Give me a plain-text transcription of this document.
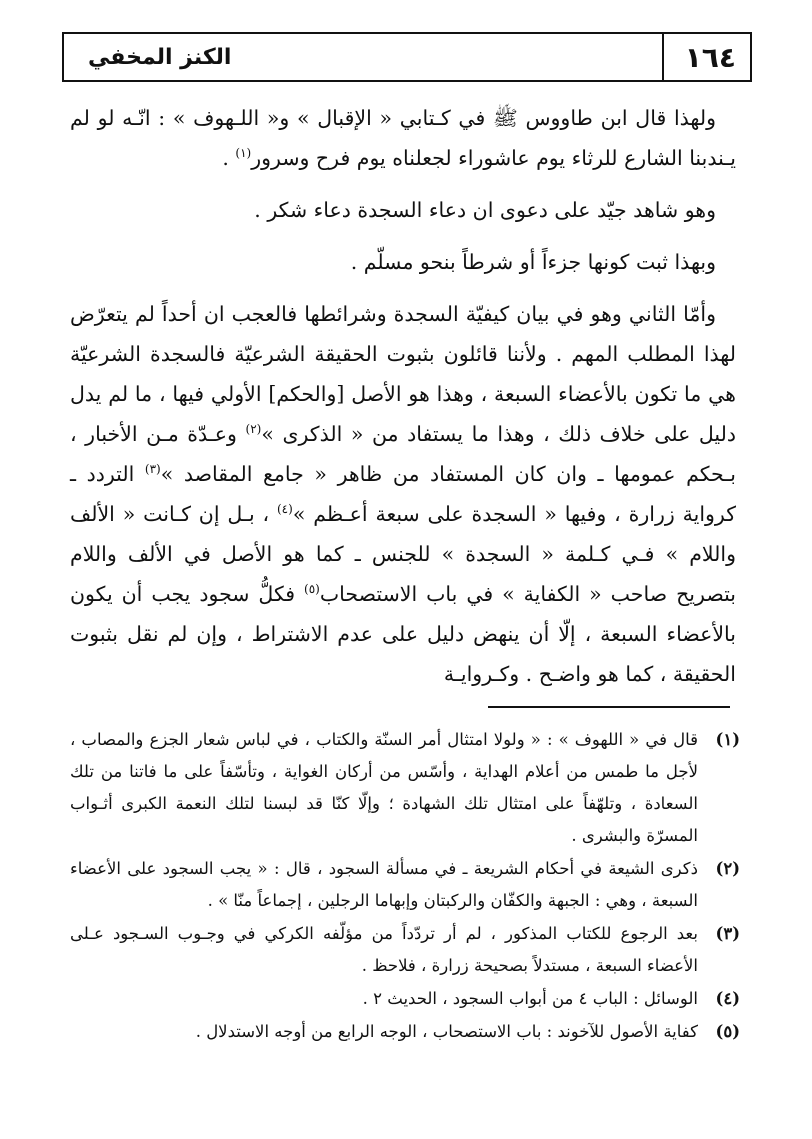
١٦٤
الكنز المخفي

ولهذا قال ابن طاووس ﷺ في كـتابي « الإقبال » و« اللـهوف » : انّـه لو لم يـندبنا الشارع للرثاء يوم عاشوراء لجعلناه يوم فرح وسرور$^{(١)}$ .

وهو شاهد جيّد على دعوى ان دعاء السجدة دعاء شكر .

وبهذا ثبت كونها جزءاً أو شرطاً بنحو مسلّم .

وأمّا الثاني وهو في بيان كيفيّة السجدة وشرائطها فالعجب ان أحداً لم يتعرّض لهذا المطلب المهم . ولأننا قائلون بثبوت الحقيقة الشرعيّة فالسجدة الشرعيّة هي ما تكون بالأعضاء السبعة ، وهذا هو الأصل [والحكم] الأولي فيها ، ما لم يدل دليل على خلاف ذلك ، وهذا ما يستفاد من « الذكرى »$^{(٢)}$ وعـدّة مـن الأخبار ، بـحكم عمومها ـ وان كان المستفاد من ظاهر « جامع المقاصد »$^{(٣)}$ التردد ـ كرواية زرارة ، وفيها « السجدة على سبعة أعـظم »$^{(٤)}$ ، بـل إن كـانت « الألف واللام » فـي كـلمة « السجدة » للجنس ـ كما هو الأصل في الألف واللام بتصريح صاحب « الكفاية » في باب الاستصحاب$^{(٥)}$ فكلُّ سجود يجب أن يكون بالأعضاء السبعة ، إلّا أن ينهض دليل على عدم الاشتراط ، وإن لم نقل بثبوت الحقيقة ، كما هو واضـح . وكـروايـة

(١)
قال في « اللهوف » : « ولولا امتثال أمر السنّة والكتاب ، في لباس شعار الجزع والمصاب ، لأجل ما طمس من أعلام الهداية ، وأسّس من أركان الغواية ، وتأسّفاً على ما فاتنا من تلك السعادة ، وتلهّفاً على امتثال تلك الشهادة ؛ وإلّا كنّا قد لبسنا لتلك النعمة الكبرى أثـواب المسرّة والبشرى .
(٢)
ذكرى الشيعة في أحكام الشريعة ـ في مسألة السجود ، قال : « يجب السجود على الأعضاء السبعة ، وهي : الجبهة والكفّان والركبتان وإبهاما الرجلين ، إجماعاً منّا » .
(٣)
بعد الرجوع للكتاب المذكور ، لم أر تردّداً من مؤلّفه الكركي في وجـوب السـجود عـلى الأعضاء السبعة ، مستدلاً بصحيحة زرارة ، فلاحظ .
(٤)
الوسائل : الباب ٤ من أبواب السجود ، الحديث ٢ .
(٥)
كفاية الأصول للآخوند : باب الاستصحاب ، الوجه الرابع من أوجه الاستدلال .
